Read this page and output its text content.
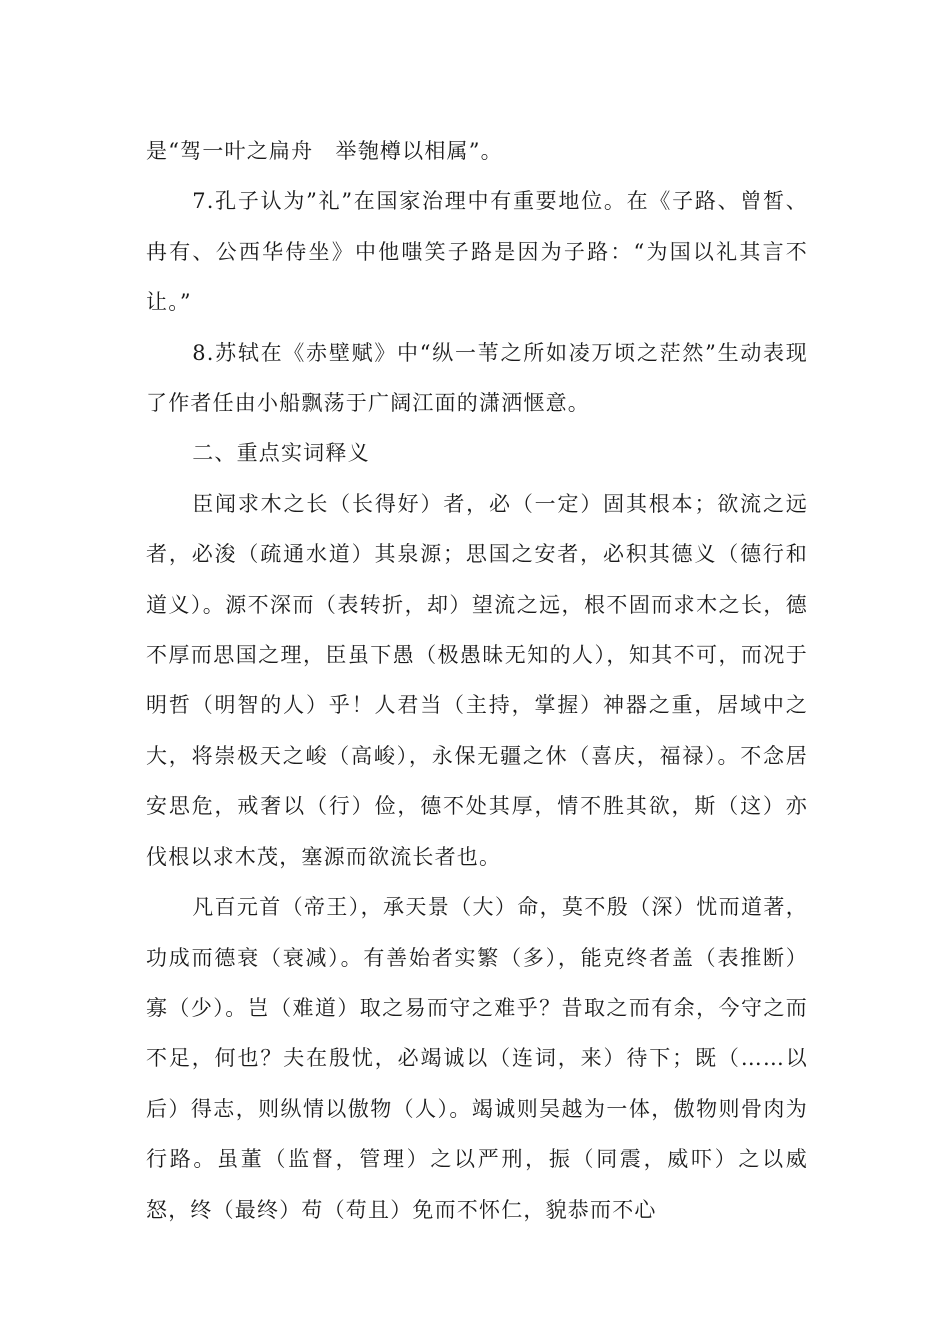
是“驾一叶之扁舟　举匏樽以相属”。

7.孔子认为”礼”在国家治理中有重要地位。在《子路、曾皙、冉有、公西华侍坐》中他嗤笑子路是因为子路：“为国以礼其言不让。”

8.苏轼在《赤壁赋》中“纵一苇之所如凌万顷之茫然”生动表现了作者任由小船飘荡于广阔江面的潇洒惬意。

二、重点实词释义

臣闻求木之长（长得好）者，必（一定）固其根本；欲流之远者，必浚（疏通水道）其泉源；思国之安者，必积其德义（德行和道义）。源不深而（表转折，却）望流之远，根不固而求木之长，德不厚而思国之理，臣虽下愚（极愚昧无知的人），知其不可，而况于明哲（明智的人）乎！人君当（主持，掌握）神器之重，居域中之大，将崇极天之峻（高峻），永保无疆之休（喜庆，福禄）。不念居安思危，戒奢以（行）俭，德不处其厚，情不胜其欲，斯（这）亦伐根以求木茂，塞源而欲流长者也。

凡百元首（帝王），承天景（大）命，莫不殷（深）忧而道著，功成而德衰（衰减）。有善始者实繁（多），能克终者盖（表推断）寡（少）。岂（难道）取之易而守之难乎？昔取之而有余，今守之而不足，何也？夫在殷忧，必竭诚以（连词，来）待下；既（……以后）得志，则纵情以傲物（人）。竭诚则吴越为一体，傲物则骨肉为行路。虽董（监督，管理）之以严刑，振（同震，威吓）之以威怒，终（最终）苟（苟且）免而不怀仁，貌恭而不心
